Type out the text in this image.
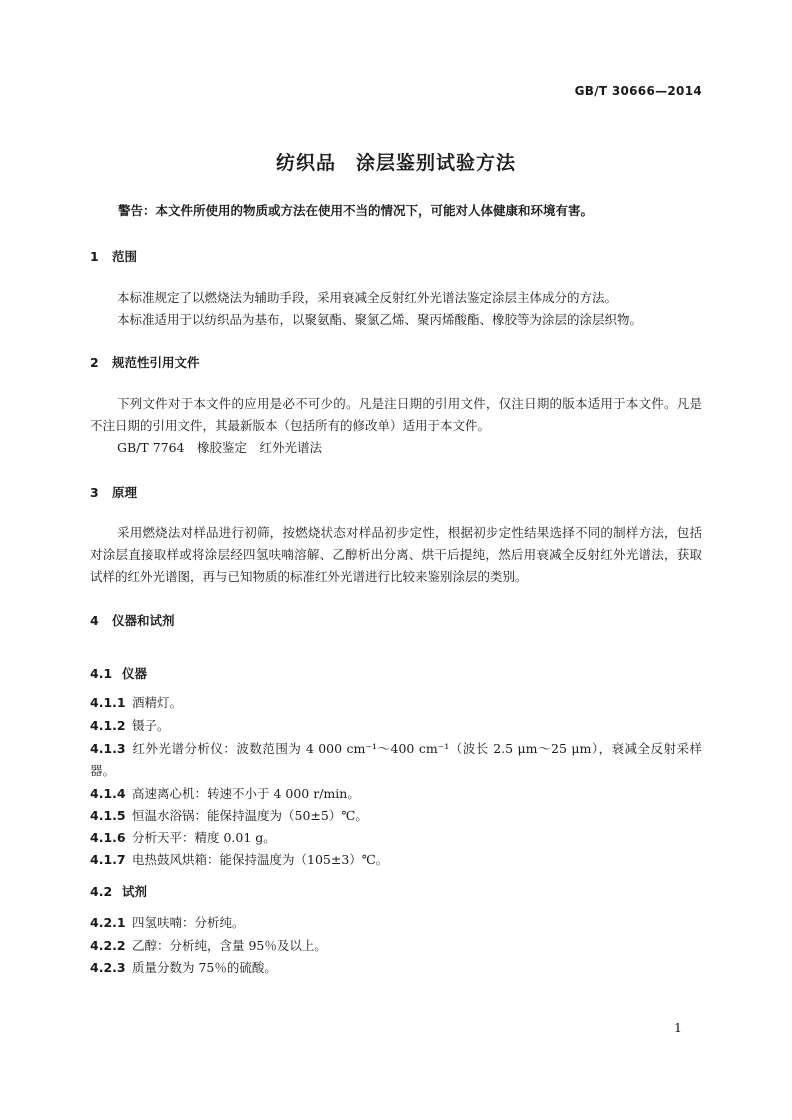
GB/T 30666—2014
纺织品　涂层鉴别试验方法
警告：本文件所使用的物质或方法在使用不当的情况下，可能对人体健康和环境有害。
1 范围
本标准规定了以燃烧法为辅助手段，采用衰减全反射红外光谱法鉴定涂层主体成分的方法。
本标准适用于以纺织品为基布，以聚氨酯、聚氯乙烯、聚丙烯酸酯、橡胶等为涂层的涂层织物。
2 规范性引用文件
下列文件对于本文件的应用是必不可少的。凡是注日期的引用文件，仅注日期的版本适用于本文件。凡是不注日期的引用文件，其最新版本（包括所有的修改单）适用于本文件。
GB/T 7764　橡胶鉴定　红外光谱法
3 原理
采用燃烧法对样品进行初筛，按燃烧状态对样品初步定性，根据初步定性结果选择不同的制样方法，包括对涂层直接取样或将涂层经四氢呋喃溶解、乙醇析出分离、烘干后提纯，然后用衰减全反射红外光谱法，获取试样的红外光谱图，再与已知物质的标准红外光谱进行比较来鉴别涂层的类别。
4 仪器和试剂
4.1 仪器
4.1.1 酒精灯。
4.1.2 镊子。
4.1.3 红外光谱分析仪：波数范围为 4 000 cm⁻¹～400 cm⁻¹（波长 2.5 μm～25 μm），衰减全反射采样器。
4.1.4 高速离心机：转速不小于 4 000 r/min。
4.1.5 恒温水浴锅：能保持温度为（50±5）℃。
4.1.6 分析天平：精度 0.01 g。
4.1.7 电热鼓风烘箱：能保持温度为（105±3）℃。
4.2 试剂
4.2.1 四氢呋喃：分析纯。
4.2.2 乙醇：分析纯，含量 95％及以上。
4.2.3 质量分数为 75％的硫酸。
1
